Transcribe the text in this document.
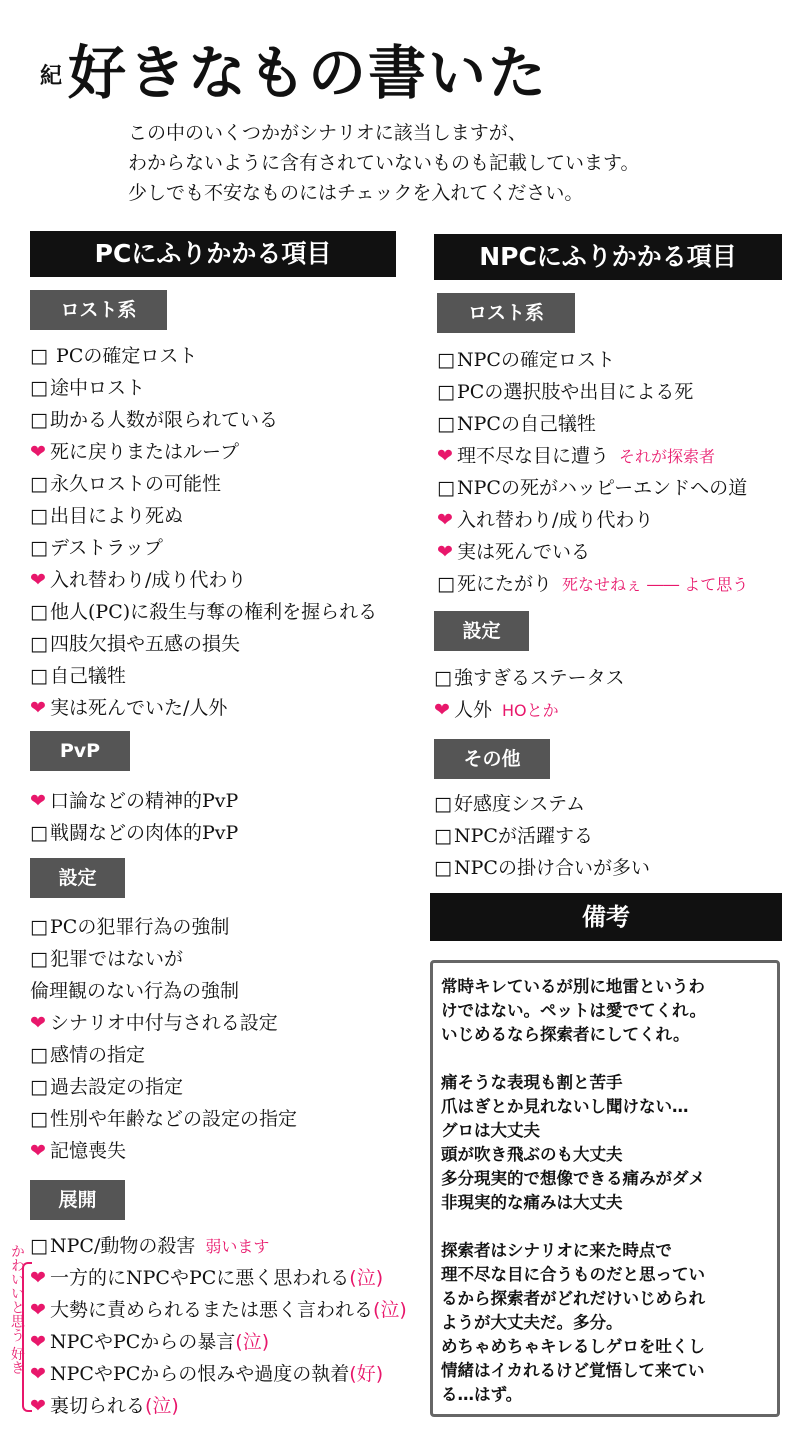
紀好きなもの書いた

この中のいくつかがシナリオに該当しますが、

わからないように含有されていないものも記載しています。

少しでも不安なものにはチェックを入れてください。

PCにふりかかる項目	NPCにふりかかる項目
ロスト系
□ PCの確定ロスト
□ 途中ロスト
□ 助かる人数が限られている
❤ 死に戻りまたはループ
□ 永久ロストの可能性
□ 出目により死ぬ
□ デストラップ
❤ 入れ替わり/成り代わり
□ 他人(PC)に殺生与奪の権利を握られる
□ 四肢欠損や五感の損失
□ 自己犠牲
❤ 実は死んでいた/人外
PvP
❤ 口論などの精神的PvP
□ 戦闘などの肉体的PvP
設定
□ PCの犯罪行為の強制
□ 犯罪ではないが
倫理観のない行為の強制
❤ シナリオ中付与される設定
□ 感情の指定
□ 過去設定の指定
□ 性別や年齢などの設定の指定
❤ 記憶喪失
展開
□ NPC/動物の殺害 弱います
❤ 一方的にNPCやPCに悪く思われる(泣)
❤ 大勢に責められるまたは悪く言われる(泣)
❤ NPCやPCからの暴言(泣)
❤ NPCやPCからの恨みや過度の執着(好)
❤ 裏切られる(泣)
かわいいと思う 好き
ロスト系
□ NPCの確定ロスト
□ PCの選択肢や出目による死
□ NPCの自己犠牲
❤ 理不尽な目に遭う それが探索者
□ NPCの死がハッピーエンドへの道
❤ 入れ替わり/成り代わり
❤ 実は死んでいる
□ 死にたがり 死なせねぇ ―― よて思う
設定
□ 強すぎるステータス
❤ 人外 HOとか
その他
□ 好感度システム
□ NPCが活躍する
□ NPCの掛け合いが多い
備考
常時キレているが別に地雷というわ
けではない。ペットは愛でてくれ。
いじめるなら探索者にしてくれ。
痛そうな表現も割と苦手
爪はぎとか見れないし聞けない…
グロは大丈夫
頭が吹き飛ぶのも大丈夫
多分現実的で想像できる痛みがダメ
非現実的な痛みは大丈夫
探索者はシナリオに来た時点で
理不尽な目に合うものだと思ってい
るから探索者がどれだけいじめられ
ようが大丈夫だ。多分。
めちゃめちゃキレるしゲロを吐くし
情緒はイカれるけど覚悟して来てい
る…はず。
